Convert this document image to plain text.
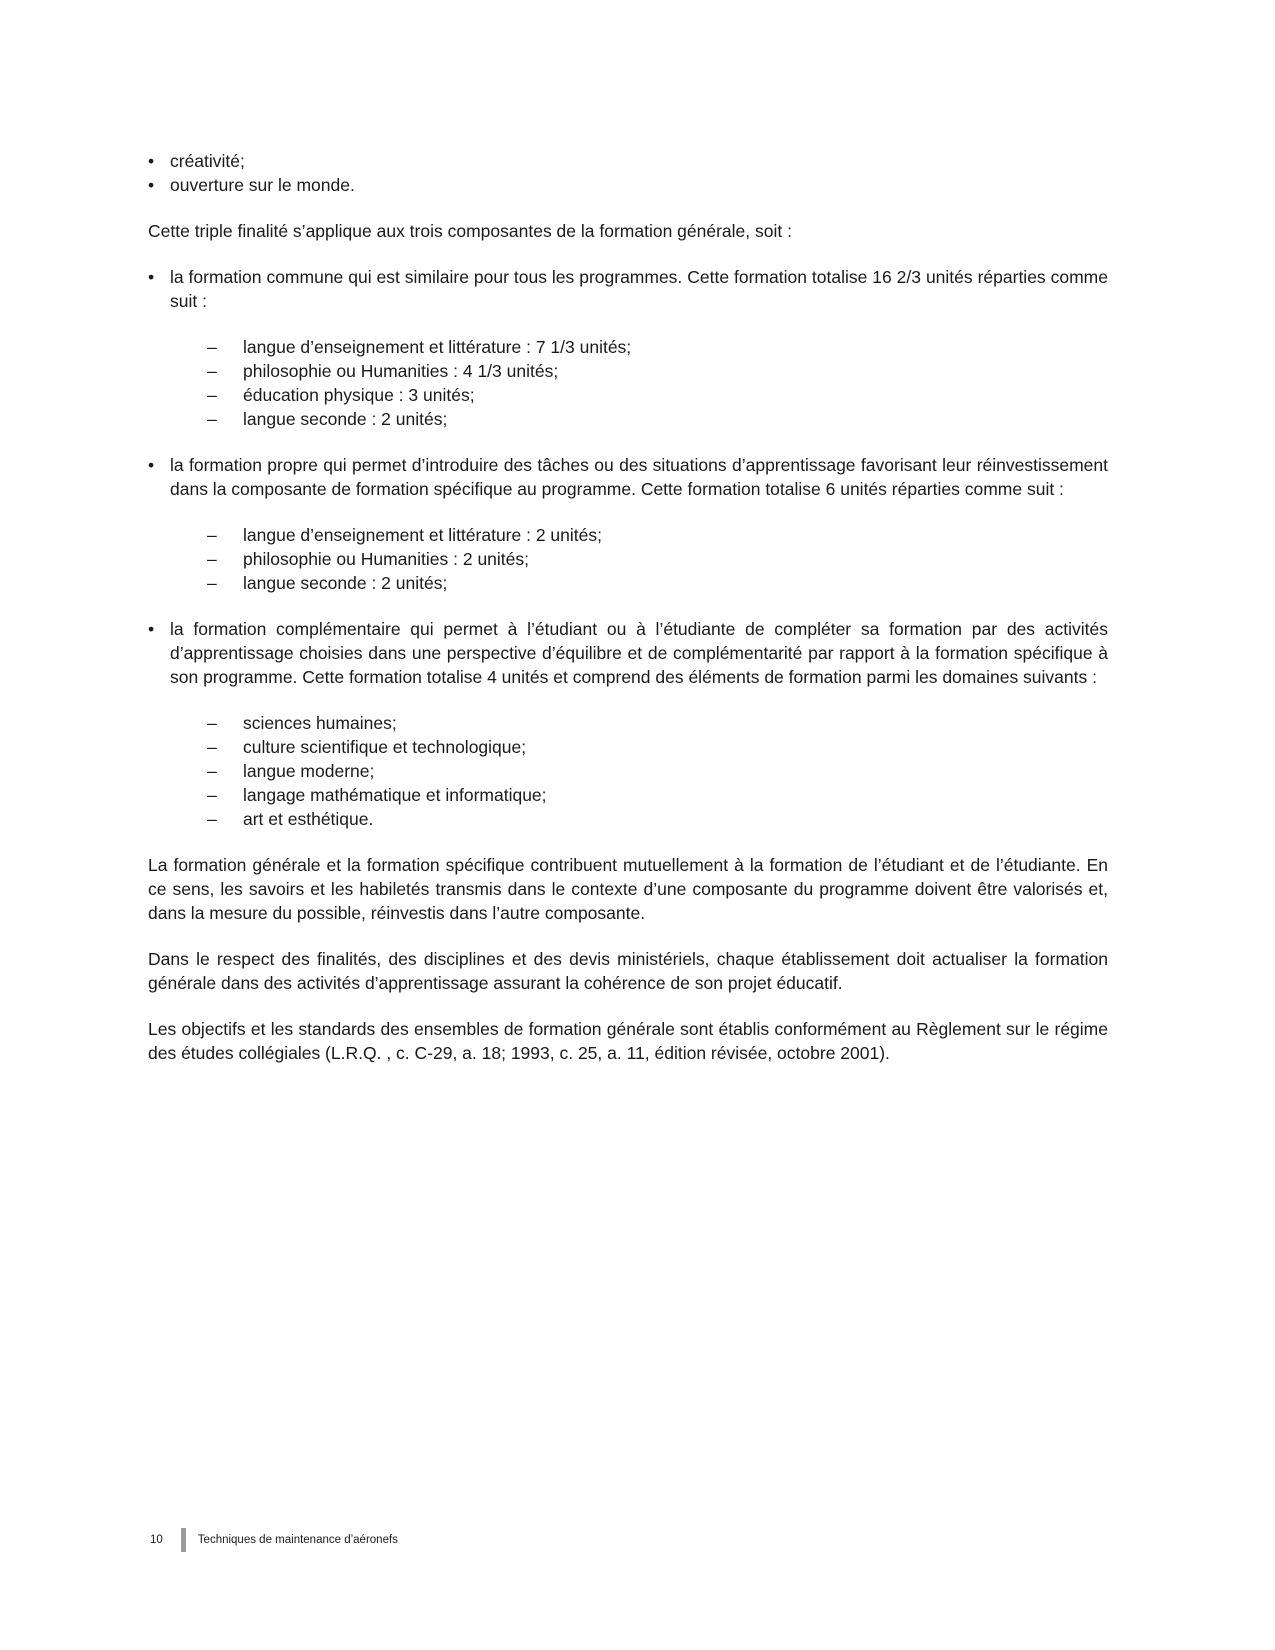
• créativité;
• ouverture sur le monde.
Cette triple finalité s’applique aux trois composantes de la formation générale, soit :
• la formation commune qui est similaire pour tous les programmes. Cette formation totalise 16 2/3 unités réparties comme suit :
– langue d’enseignement et littérature : 7 1/3 unités;
– philosophie ou Humanities : 4 1/3 unités;
– éducation physique : 3 unités;
– langue seconde : 2 unités;
• la formation propre qui permet d’introduire des tâches ou des situations d’apprentissage favorisant leur réinvestissement dans la composante de formation spécifique au programme. Cette formation totalise 6 unités réparties comme suit :
– langue d’enseignement et littérature : 2 unités;
– philosophie ou Humanities : 2 unités;
– langue seconde : 2 unités;
• la formation complémentaire qui permet à l’étudiant ou à l’étudiante de compléter sa formation par des activités d’apprentissage choisies dans une perspective d’équilibre et de complémentarité par rapport à la formation spécifique à son programme. Cette formation totalise 4 unités et comprend des éléments de formation parmi les domaines suivants :
– sciences humaines;
– culture scientifique et technologique;
– langue moderne;
– langage mathématique et informatique;
– art et esthétique.
La formation générale et la formation spécifique contribuent mutuellement à la formation de l’étudiant et de l’étudiante. En ce sens, les savoirs et les habiletés transmis dans le contexte d’une composante du programme doivent être valorisés et, dans la mesure du possible, réinvestis dans l’autre composante.
Dans le respect des finalités, des disciplines et des devis ministériels, chaque établissement doit actualiser la formation générale dans des activités d’apprentissage assurant la cohérence de son projet éducatif.
Les objectifs et les standards des ensembles de formation générale sont établis conformément au Règlement sur le régime des études collégiales (L.R.Q. , c. C-29, a. 18; 1993, c. 25, a. 11, édition révisée, octobre 2001).
10	Techniques de maintenance d’aéronefs
